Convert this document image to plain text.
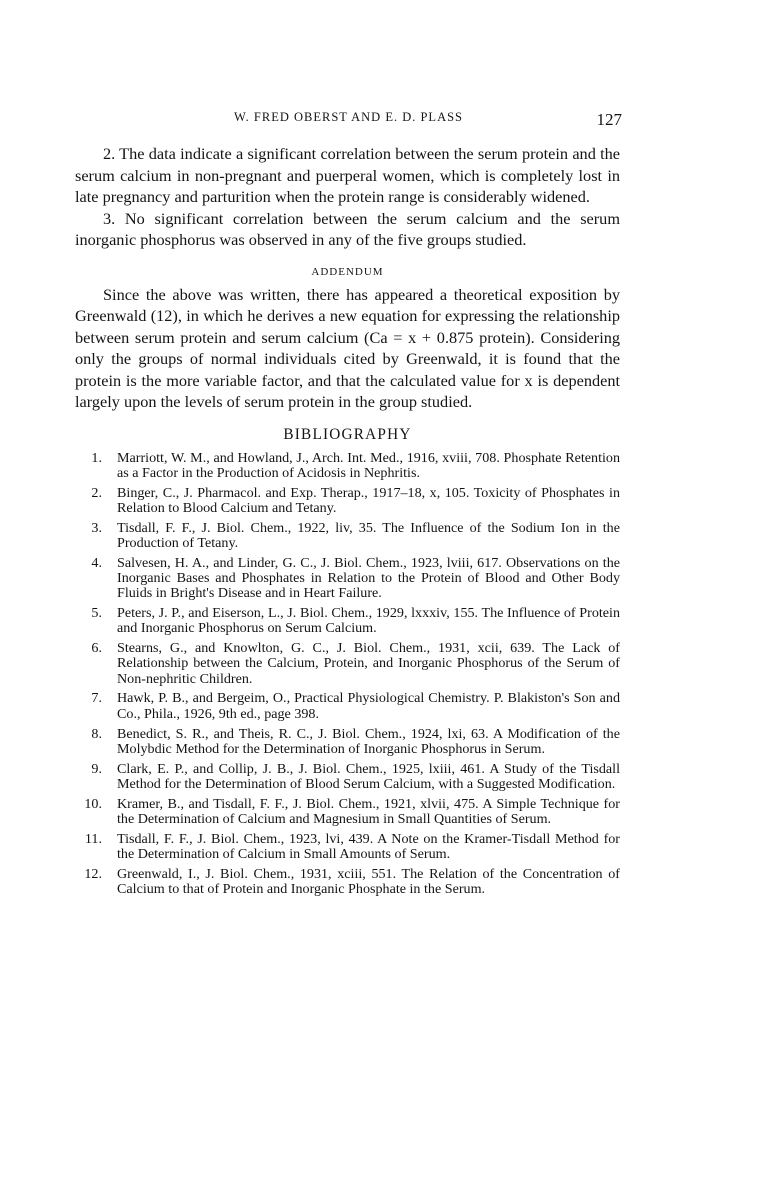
W. FRED OBERST AND E. D. PLASS	127

2. The data indicate a significant correlation between the serum protein and the serum calcium in non-pregnant and puerperal women, which is completely lost in late pregnancy and parturition when the protein range is considerably widened.

3. No significant correlation between the serum calcium and the serum inorganic phosphorus was observed in any of the five groups studied.

ADDENDUM

Since the above was written, there has appeared a theoretical exposition by Greenwald (12), in which he derives a new equation for expressing the relationship between serum protein and serum calcium (Ca = x + 0.875 protein). Considering only the groups of normal individuals cited by Greenwald, it is found that the protein is the more variable factor, and that the calculated value for x is dependent largely upon the levels of serum protein in the group studied.

BIBLIOGRAPHY
1. Marriott, W. M., and Howland, J., Arch. Int. Med., 1916, xviii, 708. Phosphate Retention as a Factor in the Production of Acidosis in Nephritis.
2. Binger, C., J. Pharmacol. and Exp. Therap., 1917–18, x, 105. Toxicity of Phosphates in Relation to Blood Calcium and Tetany.
3. Tisdall, F. F., J. Biol. Chem., 1922, liv, 35. The Influence of the Sodium Ion in the Production of Tetany.
4. Salvesen, H. A., and Linder, G. C., J. Biol. Chem., 1923, lviii, 617. Observations on the Inorganic Bases and Phosphates in Relation to the Protein of Blood and Other Body Fluids in Bright's Disease and in Heart Failure.
5. Peters, J. P., and Eiserson, L., J. Biol. Chem., 1929, lxxxiv, 155. The Influence of Protein and Inorganic Phosphorus on Serum Calcium.
6. Stearns, G., and Knowlton, G. C., J. Biol. Chem., 1931, xcii, 639. The Lack of Relationship between the Calcium, Protein, and Inorganic Phosphorus of the Serum of Non-nephritic Children.
7. Hawk, P. B., and Bergeim, O., Practical Physiological Chemistry. P. Blakiston's Son and Co., Phila., 1926, 9th ed., page 398.
8. Benedict, S. R., and Theis, R. C., J. Biol. Chem., 1924, lxi, 63. A Modification of the Molybdic Method for the Determination of Inorganic Phosphorus in Serum.
9. Clark, E. P., and Collip, J. B., J. Biol. Chem., 1925, lxiii, 461. A Study of the Tisdall Method for the Determination of Blood Serum Calcium, with a Suggested Modification.
10. Kramer, B., and Tisdall, F. F., J. Biol. Chem., 1921, xlvii, 475. A Simple Technique for the Determination of Calcium and Magnesium in Small Quantities of Serum.
11. Tisdall, F. F., J. Biol. Chem., 1923, lvi, 439. A Note on the Kramer-Tisdall Method for the Determination of Calcium in Small Amounts of Serum.
12. Greenwald, I., J. Biol. Chem., 1931, xciii, 551. The Relation of the Concentration of Calcium to that of Protein and Inorganic Phosphate in the Serum.
